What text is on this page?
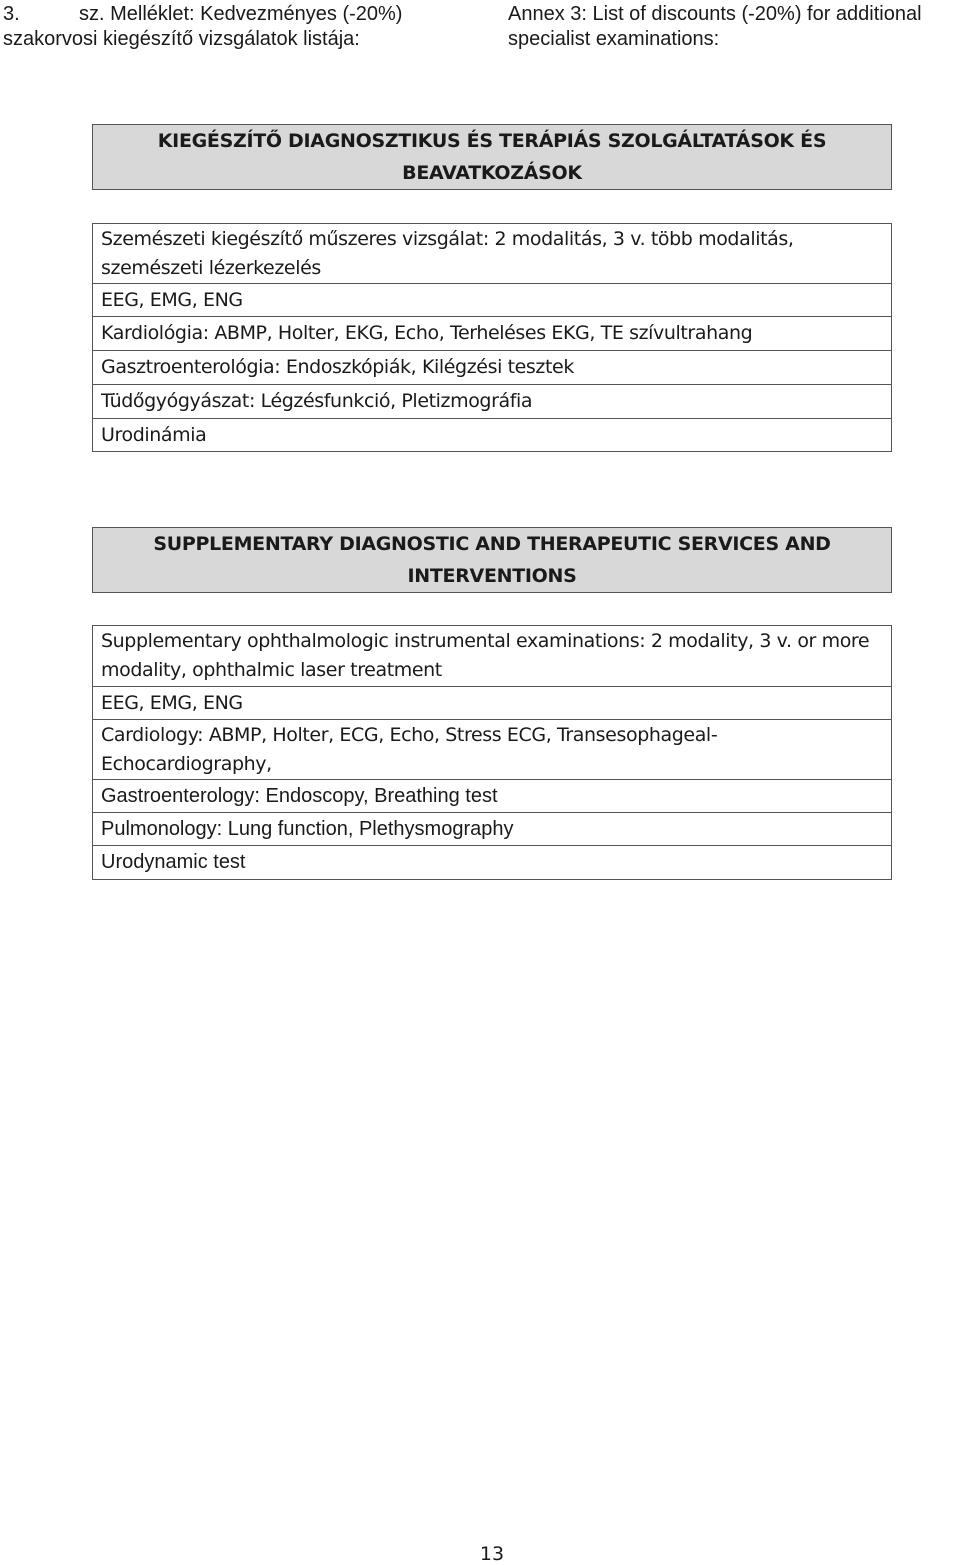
3.	sz. Melléklet: Kedvezményes (-20%)
szakorvosi kiegészítő vizsgálatok listája:
Annex 3: List of discounts (-20%) for additional
specialist examinations:
KIEGÉSZÍTŐ DIAGNOSZTIKUS ÉS TERÁPIÁS SZOLGÁLTATÁSOK ÉS BEAVATKOZÁSOK
Szemészeti kiegészítő műszeres vizsgálat: 2 modalitás, 3 v. több modalitás, szemészeti lézerkezelés
EEG, EMG, ENG
Kardiológia: ABMP, Holter, EKG, Echo, Terheléses EKG, TE szívultrahang
Gasztroenterológia: Endoszkópiák, Kilégzési tesztek
Tüdőgyógyászat: Légzésfunkció, Pletizmográfia
Urodinámia
SUPPLEMENTARY DIAGNOSTIC AND THERAPEUTIC SERVICES AND INTERVENTIONS
Supplementary ophthalmologic instrumental examinations: 2 modality, 3 v. or more modality, ophthalmic laser treatment
EEG, EMG, ENG
Cardiology: ABMP, Holter, ECG, Echo, Stress ECG, Transesophageal-Echocardiography,
Gastroenterology: Endoscopy, Breathing test
Pulmonology: Lung function, Plethysmography
Urodynamic test
13
